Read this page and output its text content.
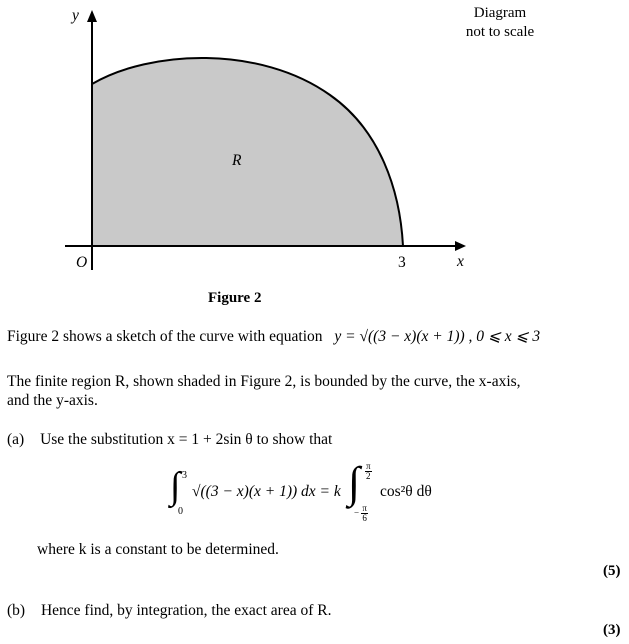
Diagram
not to scale
y
x
O	3
R
Figure 2
Figure 2 shows a sketch of the curve with equation y = √((3 − x)(x + 1)) , 0 ⩽ x ⩽ 3
The finite region R, shown shaded in Figure 2, is bounded by the curve, the x-axis,
and the y-axis.
(a) Use the substitution x = 1 + 2sin θ to show that
∫ 3
0
√((3 − x)(x + 1)) dx = k ∫ $\frac{\pi}{2}$
− $\frac{\pi}{6}$
cos²θ dθ
where k is a constant to be determined.
(5)
(b) Hence find, by integration, the exact area of R.
(3)
